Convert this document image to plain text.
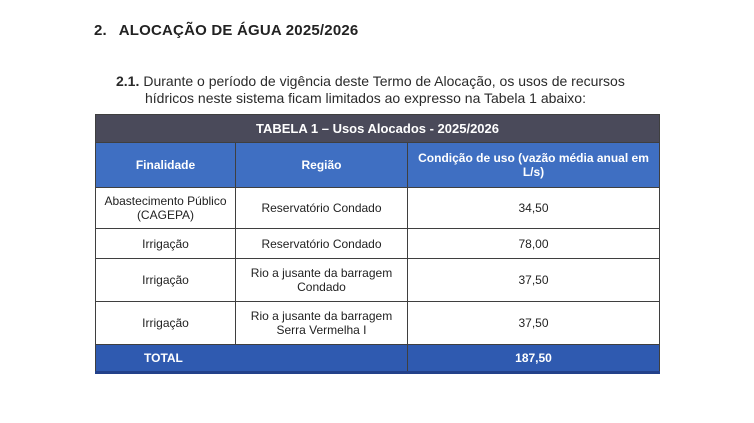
2. ALOCAÇÃO DE ÁGUA 2025/2026
2.1. Durante o período de vigência deste Termo de Alocação, os usos de recursos
hídricos neste sistema ficam limitados ao expresso na Tabela 1 abaixo:
TABELA 1 – Usos Alocados - 2025/2026		
Finalidade	Região	Condição de uso (vazão média anual em L/s)
Abastecimento Público (CAGEPA)	Reservatório Condado	34,50
Irrigação	Reservatório Condado	78,00
Irrigação	Rio a jusante da barragem Condado	37,50
Irrigação	Rio a jusante da barragem Serra Vermelha I	37,50
TOTAL		187,50
